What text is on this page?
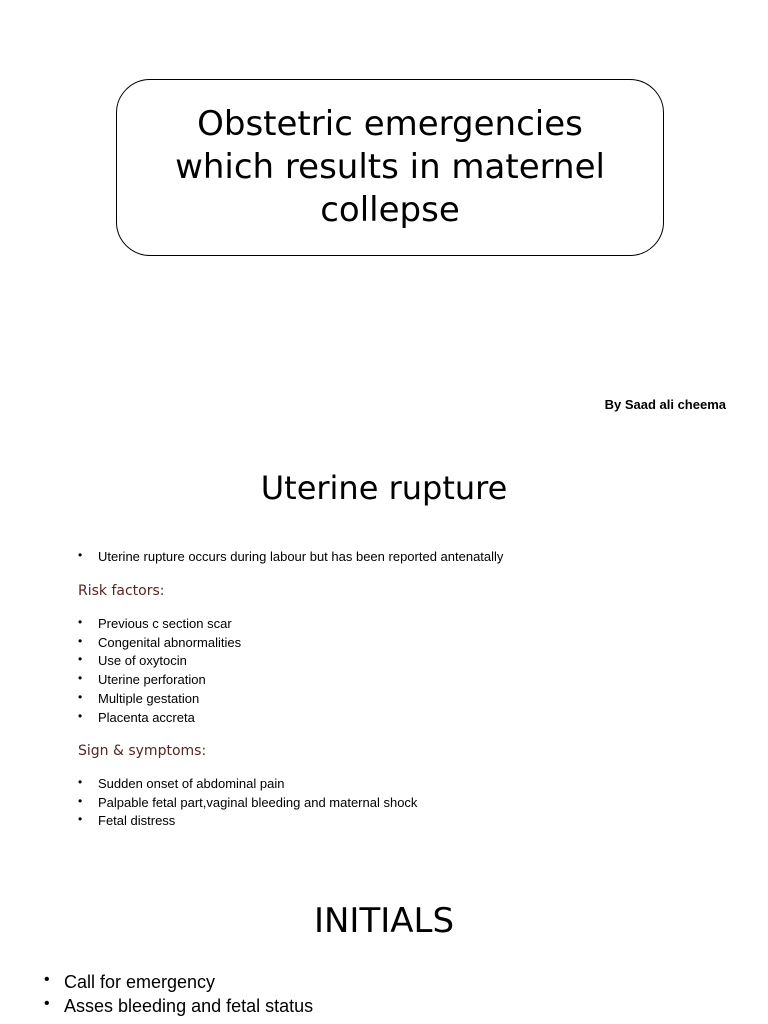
Obstetric emergencies which results in maternel collepse
By Saad ali cheema
Uterine rupture
• Uterine rupture occurs during labour but has been reported antenatally
Risk factors:
• Previous c section scar
• Congenital abnormalities
• Use of oxytocin
• Uterine perforation
• Multiple gestation
• Placenta accreta
Sign & symptoms:
• Sudden onset of abdominal pain
• Palpable fetal part,vaginal bleeding and maternal shock
• Fetal distress
INITIALS
• Call for emergency
• Asses bleeding and fetal status
